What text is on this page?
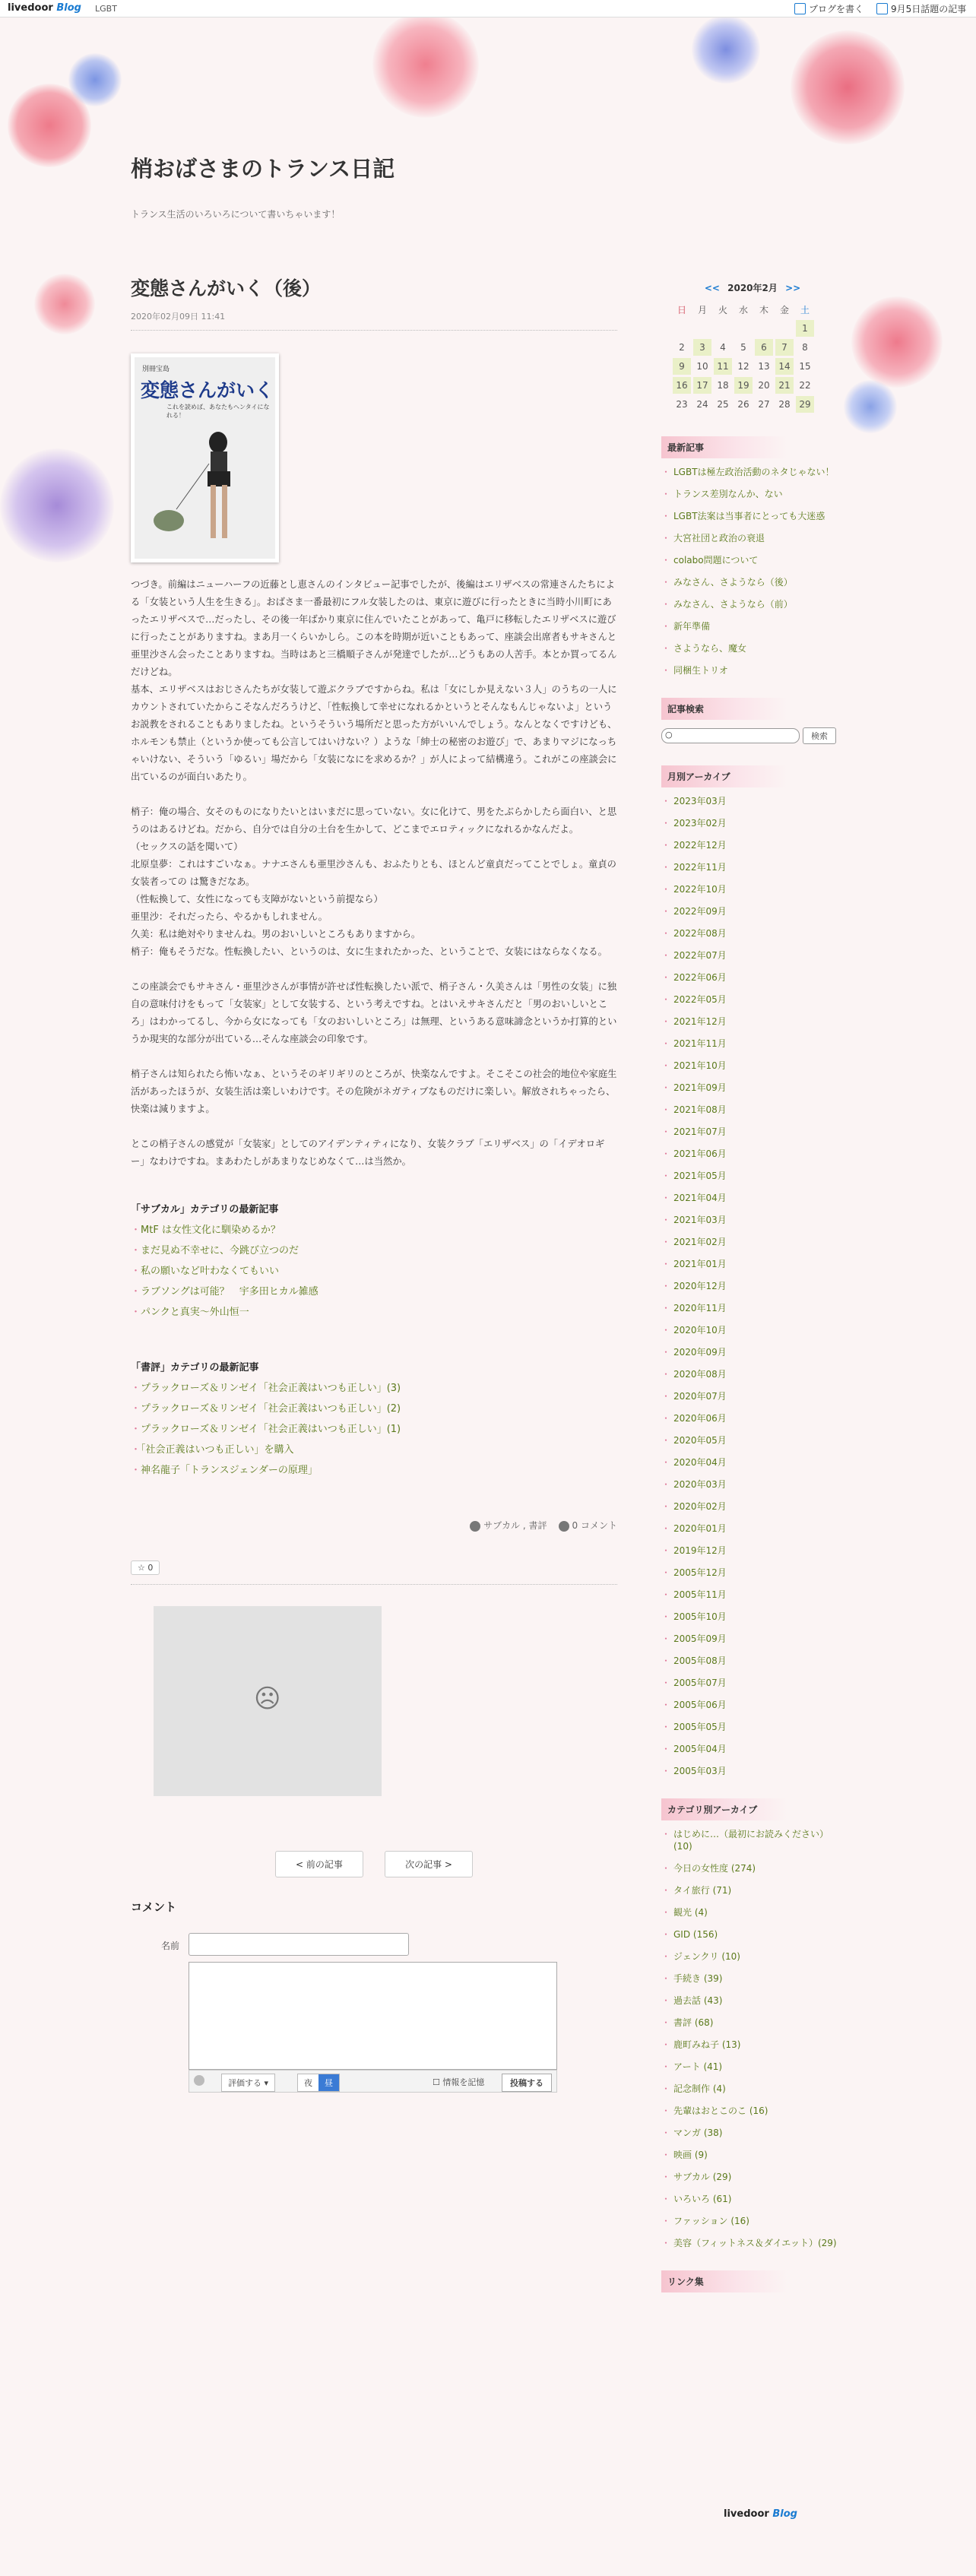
livedoor Blog LGBT	ブログを書く	9月5日話題の記事
梢おばさまのトランス日記
トランス生活のいろいろについて書いちゃいます！
変態さんがいく（後）
2020年02月09日 11:41
別冊宝島
変態さんがいく
これを読めば、あなたもヘンタイになれる！

つづき。前編はニューハーフの近藤とし恵さんのインタビュー記事でしたが、後編はエリザベスの常連さんたちによる「女装という人生を生きる」。おばさま一番最初にフル女装したのは、東京に遊びに行ったときに当時小川町にあったエリザベスで…だったし、その後一年ばかり東京に住んでいたことがあって、亀戸に移転したエリザベスに遊びに行ったことがありますね。まあ月一くらいかしら。この本を時期が近いこともあって、座談会出席者もサキさんと亜里沙さん会ったことありますね。当時はあと三橋順子さんが発達でしたが…どうもあの人苦手。本とか買ってるんだけどね。
基本、エリザベスはおじさんたちが女装して遊ぶクラブですからね。私は「女にしか見えない３人」のうちの一人にカウントされていたからこそなんだろうけど、「性転換して幸せになれるかというとそんなもんじゃないよ」というお説教をされることもありましたね。というそういう場所だと思った方がいいんでしょう。なんとなくですけども、ホルモンも禁止（というか使っても公言してはいけない？）ような「紳士の秘密のお遊び」で、あまりマジになっちゃいけない、そういう「ゆるい」場だから「女装になにを求めるか？」が人によって結構違う。これがこの座談会に出ているのが面白いあたり。

梢子：俺の場合、女そのものになりたいとはいまだに思っていない。女に化けて、男をたぶらかしたら面白い、と思うのはあるけどね。だから、自分では自分の土台を生かして、どこまでエロティックになれるかなんだよ。
（セックスの話を聞いて）
北原皇夢：これはすごいなぁ。ナナエさんも亜里沙さんも、おふたりとも、ほとんど童貞だってことでしょ。童貞の女装者っての は驚きだなあ。
（性転換して、女性になっても支障がないという前提なら）
亜里沙：それだったら、やるかもしれません。
久美：私は絶対やりませんね。男のおいしいところもありますから。
梢子：俺もそうだな。性転換したい、というのは、女に生まれたかった、ということで、女装にはならなくなる。

この座談会でもサキさん・亜里沙さんが事情が許せば性転換したい派で、梢子さん・久美さんは「男性の女装」に独自の意味付けをもって「女装家」として女装する、という考えですね。とはいえサキさんだと「男のおいしいところ」はわかってるし、今から女になっても「女のおいしいところ」は無理、というある意味諦念というか打算的というか現実的な部分が出ている…そんな座談会の印象です。

梢子さんは知られたら怖いなぁ、というそのギリギリのところが、快楽なんですよ。そこそこの社会的地位や家庭生活があったほうが、女装生活は楽しいわけです。その危険がネガティブなものだけに楽しい。解放されちゃったら、快楽は減りますよ。

とこの梢子さんの感覚が「女装家」としてのアイデンティティになり、女装クラブ「エリザベス」の「イデオロギー」なわけですね。まあわたしがあまりなじめなくて…は当然か。

「サブカル」カテゴリの最新記事
・ MtF は女性文化に馴染めるか？
・ まだ見ぬ不幸せに、今跳び立つのだ
・ 私の願いなど叶わなくてもいい
・ ラブソングは可能？　宇多田ヒカル雑感
・ パンクと真実〜外山恒一
「書評」カテゴリの最新記事
・ プラックローズ＆リンゼイ「社会正義はいつも正しい」(3)
・ プラックローズ＆リンゼイ「社会正義はいつも正しい」(2)
・ プラックローズ＆リンゼイ「社会正義はいつも正しい」(1)
・ 「社会正義はいつも正しい」を購入
・ 神名龍子「トランスジェンダーの原理」
サブカル , 書評	0 コメント
☆ 0
☹
< 前の記事	次の記事 >
コメント
名前
評価する ▾	夜	昼	☐ 情報を記憶	投稿する
<< 2020年2月 >>
日	月	火	水	木	金	土
						1
2	3	4	5	6	7	8
9	10	11	12	13	14	15
16	17	18	19	20	21	22
23	24	25	26	27	28	29
最新記事
・ LGBTは極左政治活動のネタじゃない！
・ トランス差別なんか、ない
・ LGBT法案は当事者にとっても大迷惑
・ 大宮社団と政治の衰退
・ colabo問題について
・ みなさん、さようなら（後）
・ みなさん、さようなら（前）
・ 新年準備
・ さようなら、魔女
・ 同梱生トリオ
記事検索
○	検索
月別アーカイブ
・ 2023年03月
・ 2023年02月
・ 2022年12月
・ 2022年11月
・ 2022年10月
・ 2022年09月
・ 2022年08月
・ 2022年07月
・ 2022年06月
・ 2022年05月
・ 2021年12月
・ 2021年11月
・ 2021年10月
・ 2021年09月
・ 2021年08月
・ 2021年07月
・ 2021年06月
・ 2021年05月
・ 2021年04月
・ 2021年03月
・ 2021年02月
・ 2021年01月
・ 2020年12月
・ 2020年11月
・ 2020年10月
・ 2020年09月
・ 2020年08月
・ 2020年07月
・ 2020年06月
・ 2020年05月
・ 2020年04月
・ 2020年03月
・ 2020年02月
・ 2020年01月
・ 2019年12月
・ 2005年12月
・ 2005年11月
・ 2005年10月
・ 2005年09月
・ 2005年08月
・ 2005年07月
・ 2005年06月
・ 2005年05月
・ 2005年04月
・ 2005年03月
カテゴリ別アーカイブ
・ はじめに…（最初にお読みください）(10)
・ 今日の女性度 (274)
・ タイ旅行 (71)
・ 観光 (4)
・ GID (156)
・ ジェンクリ (10)
・ 手続き (39)
・ 過去話 (43)
・ 書評 (68)
・ 鹿町みね子 (13)
・ アート (41)
・ 記念制作 (4)
・ 先輩はおとこのこ (16)
・ マンガ (38)
・ 映画 (9)
・ サブカル (29)
・ いろいろ (61)
・ ファッション (16)
・ 美容（フィットネス＆ダイエット）(29)
リンク集
livedoor Blog
